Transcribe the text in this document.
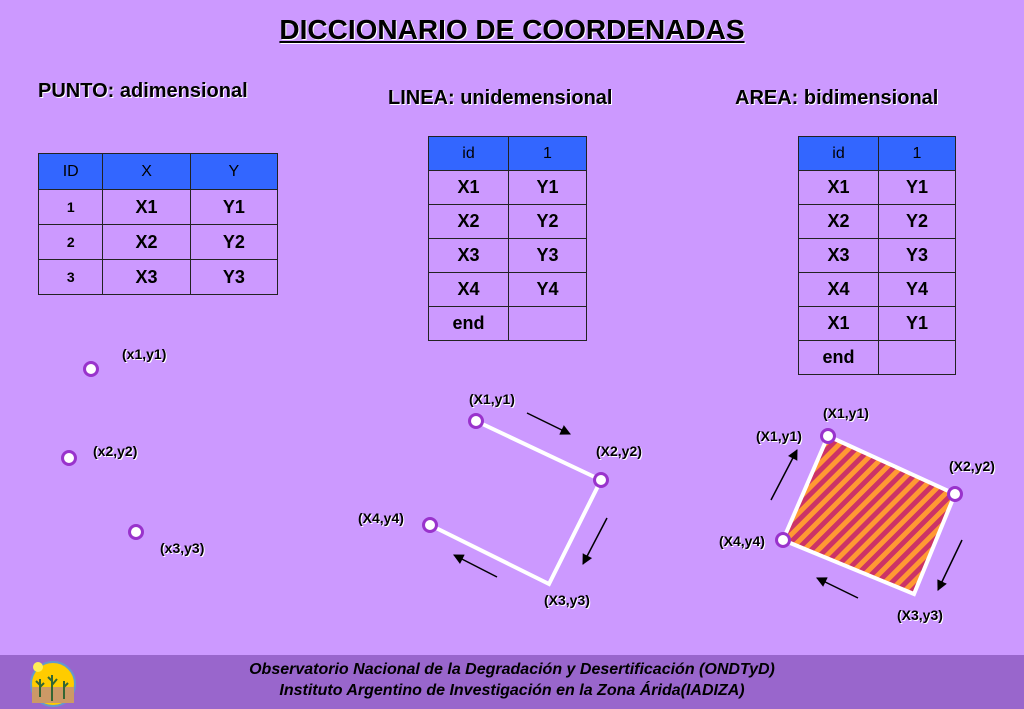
DICCIONARIO DE COORDENADAS
PUNTO: adimensional	LINEA: unidemensional	AREA: bidimensional
ID	X	Y
1	X1	Y1
2	X2	Y2
3	X3	Y3
id	1
X1	Y1
X2	Y2
X3	Y3
X4	Y4
end	
id	1
X1	Y1
X2	Y2
X3	Y3
X4	Y4
X1	Y1
end	
(x1,y1)
(x2,y2)
(x3,y3)
(X1,y1)
(X2,y2)
(X3,y3)
(X4,y4)
(X1,y1)
(X1,y1)
(X2,y2)
(X3,y3)
(X4,y4)
Observatorio Nacional de la Degradación y Desertificación (ONDTyD)
Instituto Argentino de Investigación en la Zona Árida(IADIZA)
